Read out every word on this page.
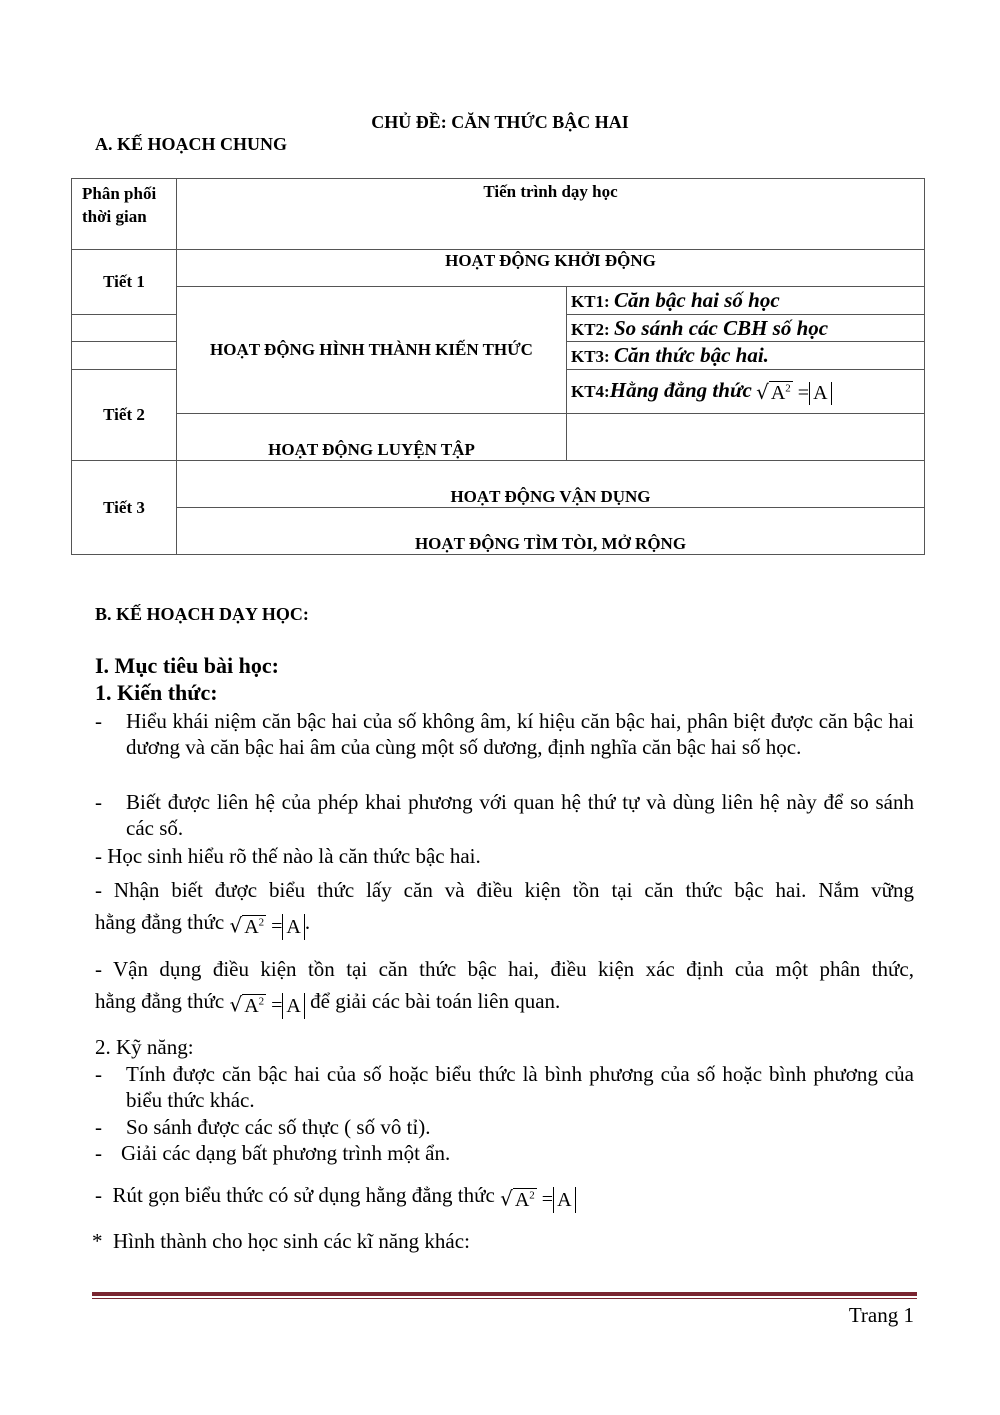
CHỦ ĐỀ: CĂN THỨC BẬC HAI
A. KẾ HOẠCH CHUNG
Phân phối thời gian	Tiến trình dạy học	
Tiết 1	HOẠT ĐỘNG KHỞI ĐỘNG	
	HOẠT ĐỘNG HÌNH THÀNH KIẾN THỨC	KT1: Căn bậc hai số học
		KT2: So sánh các CBH số học
		KT3: Căn thức bậc hai.
Tiết 2		KT4:Hằng đẳng thức √ $A^2 = A$
	HOẠT ĐỘNG LUYỆN TẬP	
Tiết 3	HOẠT ĐỘNG VẬN DỤNG	
	HOẠT ĐỘNG TÌM TÒI, MỞ RỘNG	
B. KẾ HOẠCH DẠY HỌC:
I. Mục tiêu bài học:
1. Kiến thức:
- Hiểu khái niệm căn bậc hai của số không âm, kí hiệu căn bậc hai, phân biệt được căn bậc hai dương và căn bậc hai âm của cùng một số dương, định nghĩa căn bậc hai số học.
- Biết được liên hệ của phép khai phương với quan hệ thứ tự và dùng liên hệ này để so sánh các số.
- Học sinh hiểu rõ thế nào là căn thức bậc hai.
- Nhận biết được biểu thức lấy căn và điều kiện tồn tại căn thức bậc hai. Nắm vững
hằng đẳng thức √ $A^2 = A$ .
- Vận dụng điều kiện tồn tại căn thức bậc hai, điều kiện xác định của một phân thức,
hằng đẳng thức √ $A^2 = A$ để giải các bài toán liên quan.
2. Kỹ năng:
- Tính được căn bậc hai của số hoặc biểu thức là bình phương của số hoặc bình phương của biểu thức khác.
- So sánh được các số thực ( số vô tỉ).
- Giải các dạng bất phương trình một ẩn.
- Rút gọn biểu thức có sử dụng hằng đẳng thức √ $A^2 = A$
* Hình thành cho học sinh các kĩ năng khác:
Trang 1
